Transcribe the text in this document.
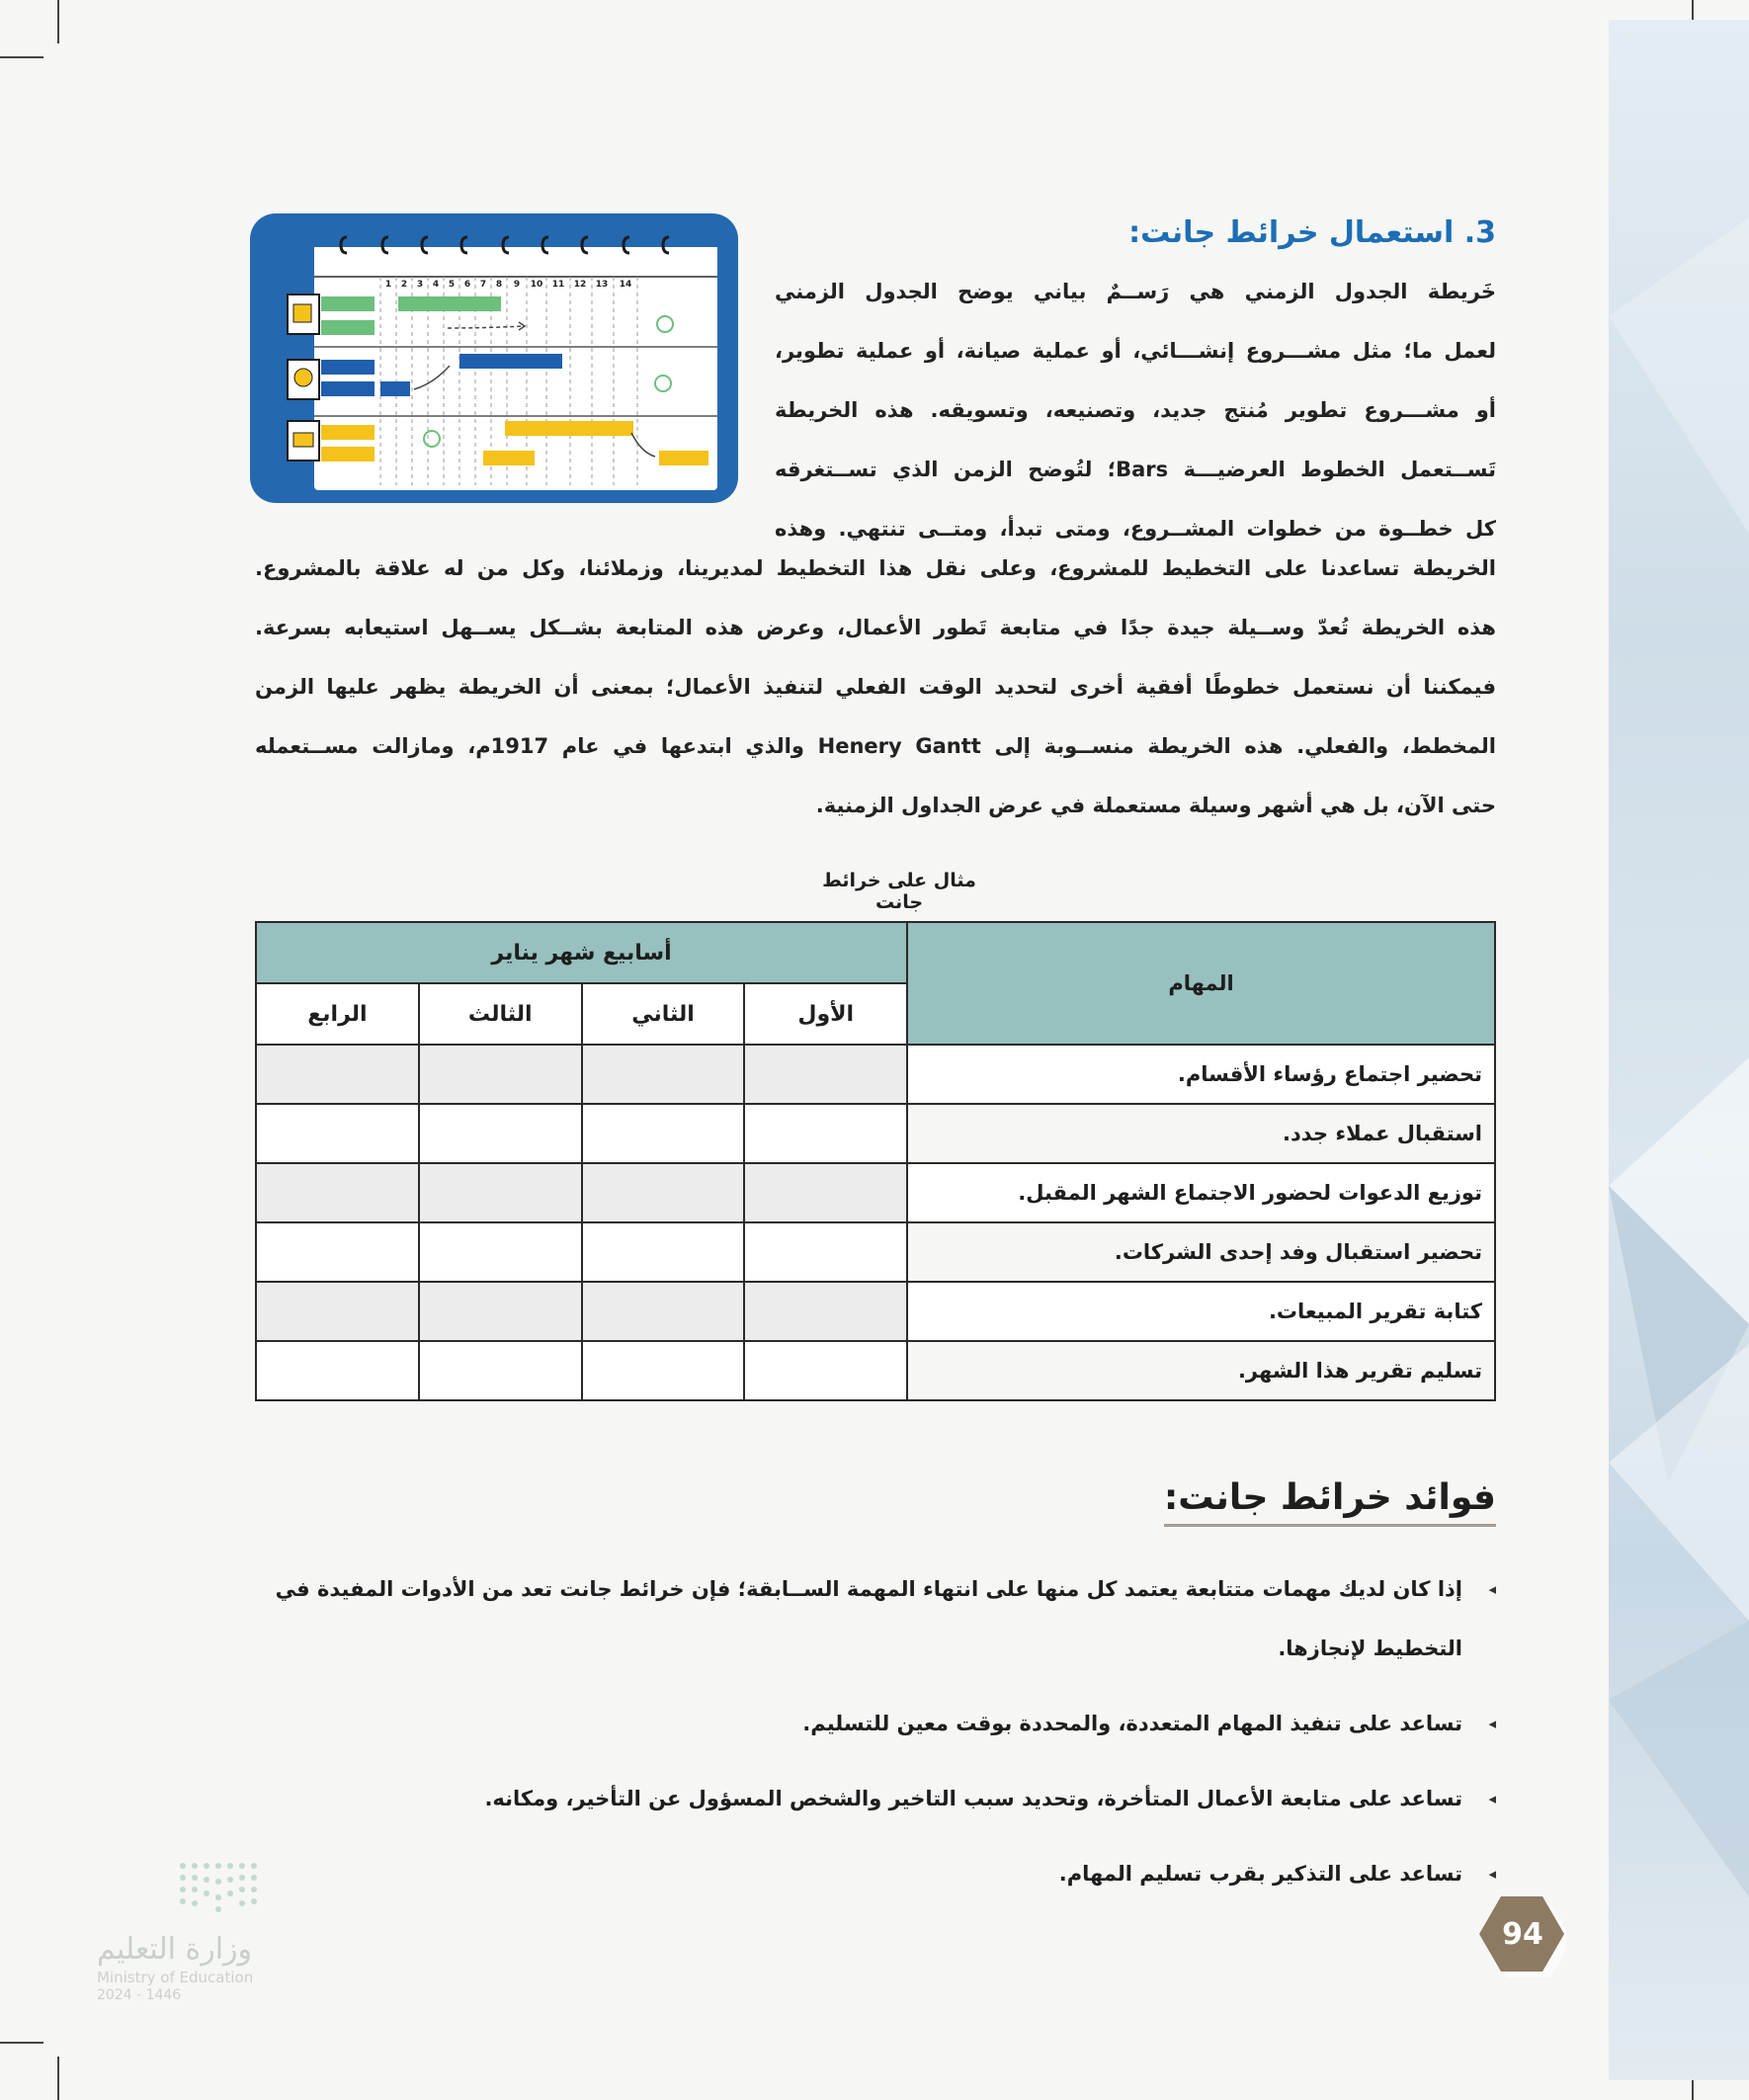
3. استعمال خرائط جانت:
1 2 3 4 5 6 7 8 9 10 11 12 13 14	خَريطة الجدول الزمني هي رَســمٌ بياني يوضح الجدول الزمني
لعمل ما؛ مثل مشـــروع إنشـــائي، أو عملية صيانة، أو عملية تطوير،
أو مشـــروع تطوير مُنتج جديد، وتصنيعه، وتسويقه. هذه الخريطة
تَســتعمل الخطوط العرضيـــة Bars؛ لتُوضح الزمن الذي تســتغرقه
كل خطــوة من خطوات المشــروع، ومتى تبدأ، ومتــى تنتهي. وهذه
الخريطة تساعدنا على التخطيط للمشروع، وعلى نقل هذا التخطيط لمديرينا، وزملائنا، وكل من له علاقة بالمشروع.
هذه الخريطة تُعدّ وســيلة جيدة جدًا في متابعة تَطور الأعمال، وعرض هذه المتابعة بشــكل يســهل استيعابه بسرعة.
فيمكننا أن نستعمل خطوطًا أفقية أخرى لتحديد الوقت الفعلي لتنفيذ الأعمال؛ بمعنى أن الخريطة يظهر عليها الزمن
المخطط، والفعلي. هذه الخريطة منســوبة إلى Henery Gantt والذي ابتدعها في عام 1917م، ومازالت مســتعمله
حتى الآن، بل هي أشهر وسيلة مستعملة في عرض الجداول الزمنية.
مثال على خرائط جانت
المهام	أسابيع شهر يناير			
	الأول	الثاني	الثالث	الرابع
تحضير اجتماع رؤساء الأقسام.				
استقبال عملاء جدد.				
توزيع الدعوات لحضور الاجتماع الشهر المقبل.				
تحضير استقبال وفد إحدى الشركات.				
كتابة تقرير المبيعات.				
تسليم تقرير هذا الشهر.				
فوائد خرائط جانت:
◂
إذا كان لديك مهمات متتابعة يعتمد كل منها على انتهاء المهمة الســابقة؛ فإن خرائط جانت تعد من الأدوات المفيدة في التخطيط لإنجازها.
◂
تساعد على تنفيذ المهام المتعددة، والمحددة بوقت معين للتسليم.
◂
تساعد على متابعة الأعمال المتأخرة، وتحديد سبب التاخير والشخص المسؤول عن التأخير، ومكانه.
◂
تساعد على التذكير بقرب تسليم المهام.
94
وزارة التعليم
Ministry of Education
2024 - 1446
